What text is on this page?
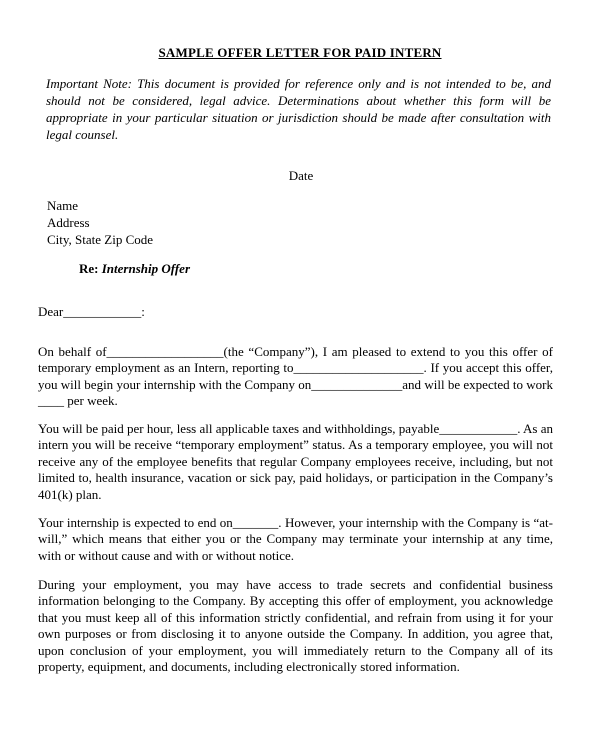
SAMPLE OFFER LETTER FOR PAID INTERN
Important Note: This document is provided for reference only and is not intended to be, and should not be considered, legal advice. Determinations about whether this form will be appropriate in your particular situation or jurisdiction should be made after consultation with legal counsel.
Date
Name
Address
City, State Zip Code
Re: Internship Offer
Dear____________:
On behalf of__________________(the “Company”), I am pleased to extend to you this offer of temporary employment as an Intern, reporting to____________________. If you accept this offer, you will begin your internship with the Company on______________and will be expected to work ____ per week.
You will be paid per hour, less all applicable taxes and withholdings, payable____________. As an intern you will be receive “temporary employment” status. As a temporary employee, you will not receive any of the employee benefits that regular Company employees receive, including, but not limited to, health insurance, vacation or sick pay, paid holidays, or participation in the Company’s 401(k) plan.
Your internship is expected to end on_______. However, your internship with the Company is “at-will,” which means that either you or the Company may terminate your internship at any time, with or without cause and with or without notice.
During your employment, you may have access to trade secrets and confidential business information belonging to the Company. By accepting this offer of employment, you acknowledge that you must keep all of this information strictly confidential, and refrain from using it for your own purposes or from disclosing it to anyone outside the Company. In addition, you agree that, upon conclusion of your employment, you will immediately return to the Company all of its property, equipment, and documents, including electronically stored information.
